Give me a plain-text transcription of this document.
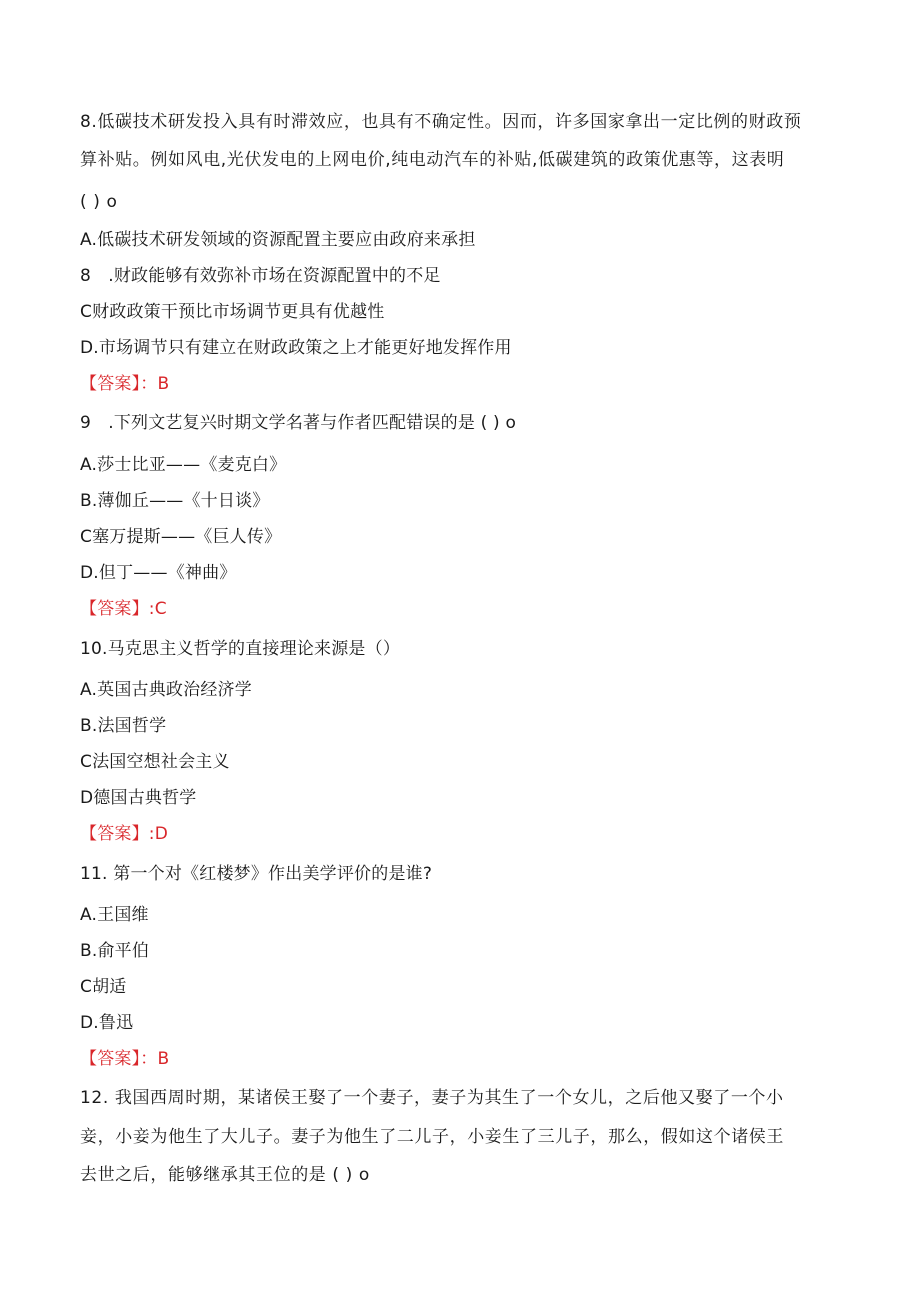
8.低碳技术研发投入具有时滞效应，也具有不确定性。因而，许多国家拿出一定比例的财政预
算补贴。例如风电,光伏发电的上网电价,纯电动汽车的补贴,低碳建筑的政策优惠等，这表明
( ) o
A.低碳技术研发领域的资源配置主要应由政府来承担
8　.财政能够有效弥补市场在资源配置中的不足
C财政政策干预比市场调节更具有优越性
D.市场调节只有建立在财政政策之上才能更好地发挥作用
【答案】：B
9　.下列文艺复兴时期文学名著与作者匹配错误的是 ( ) o
A.莎士比亚——《麦克白》
B.薄伽丘——《十日谈》
C塞万提斯——《巨人传》
D.但丁——《神曲》
【答案】:C
10.马克思主义哲学的直接理论来源是（）
A.英国古典政治经济学
B.法国哲学
C法国空想社会主义
D德国古典哲学
【答案】:D
11. 第一个对《红楼梦》作出美学评价的是谁?
A.王国维
B.俞平伯
C胡适
D.鲁迅
【答案】：B
12. 我国西周时期，某诸侯王娶了一个妻子，妻子为其生了一个女儿，之后他又娶了一个小
妾，小妾为他生了大儿子。妻子为他生了二儿子，小妾生了三儿子，那么，假如这个诸侯王
去世之后，能够继承其王位的是 ( ) o
